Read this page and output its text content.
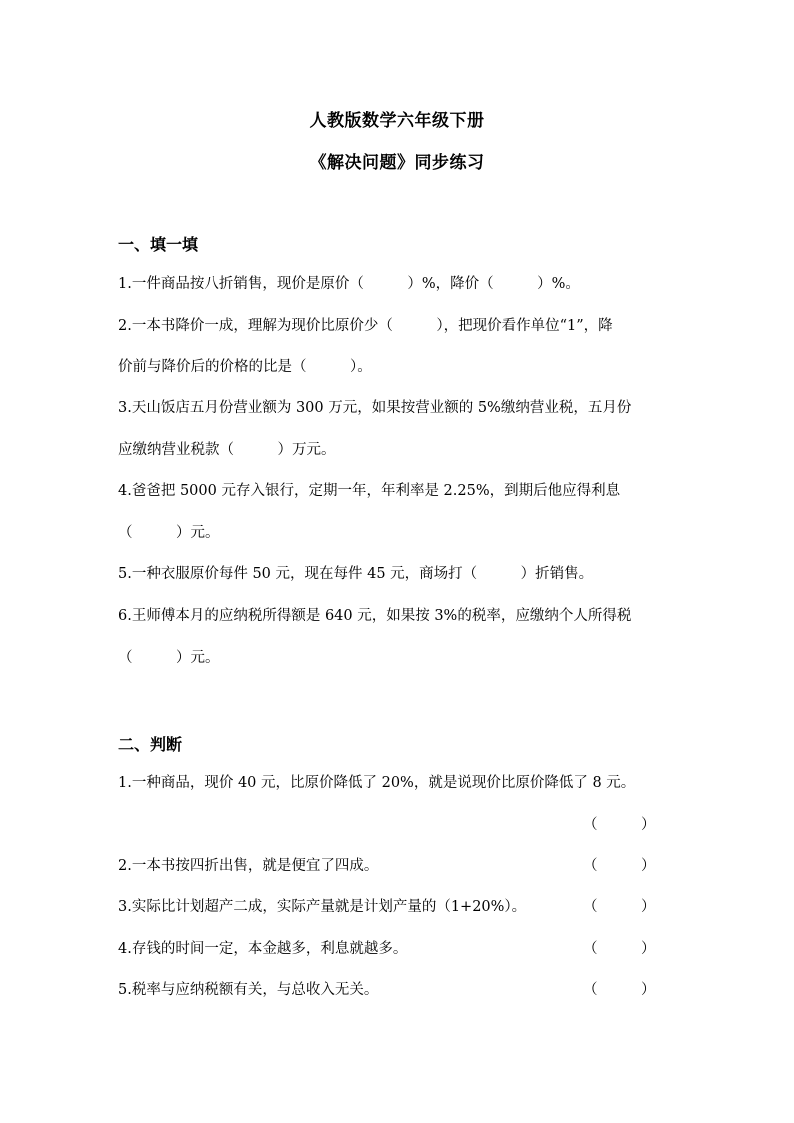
人教版数学六年级下册
《解决问题》同步练习
一、填一填
1.一件商品按八折销售，现价是原价（　　　）%，降价（　　　）%。
2.一本书降价一成，理解为现价比原价少（　　　），把现价看作单位“1”，降
价前与降价后的价格的比是（　　　）。
3.天山饭店五月份营业额为 300 万元，如果按营业额的 5%缴纳营业税，五月份
应缴纳营业税款（　　　）万元。
4.爸爸把 5000 元存入银行，定期一年，年利率是 2.25%，到期后他应得利息
（　　　）元。
5.一种衣服原价每件 50 元，现在每件 45 元，商场打（　　　）折销售。
6.王师傅本月的应纳税所得额是 640 元，如果按 3%的税率，应缴纳个人所得税
（　　　）元。
二、判断
1.一种商品，现价 40 元，比原价降低了 20%，就是说现价比原价降低了 8 元。
（　　　）
2.一本书按四折出售，就是便宜了四成。	（　　　）
3.实际比计划超产二成，实际产量就是计划产量的（1+20%）。	（　　　）
4.存钱的时间一定，本金越多，利息就越多。	（　　　）
5.税率与应纳税额有关，与总收入无关。	（　　　）
